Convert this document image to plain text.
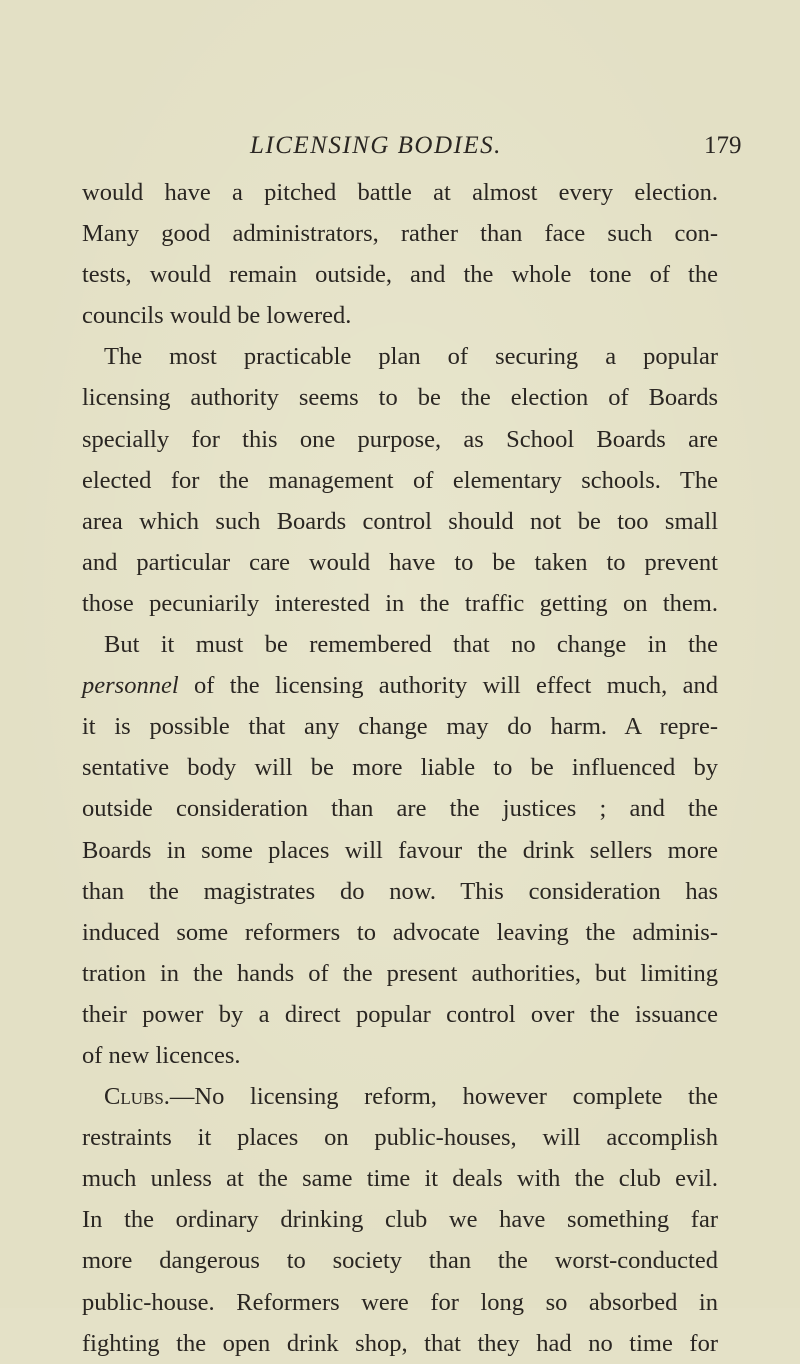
LICENSING BODIES.	179
would have a pitched battle at almost every election.
Many good administrators, rather than face such con-
tests, would remain outside, and the whole tone of the
councils would be lowered.
The most practicable plan of securing a popular
licensing authority seems to be the election of Boards
specially for this one purpose, as School Boards are
elected for the management of elementary schools. The
area which such Boards control should not be too small
and particular care would have to be taken to prevent
those pecuniarily interested in the traffic getting on them.
But it must be remembered that no change in the
personnel of the licensing authority will effect much, and
it is possible that any change may do harm. A repre-
sentative body will be more liable to be influenced by
outside consideration than are the justices ; and the
Boards in some places will favour the drink sellers more
than the magistrates do now. This consideration has
induced some reformers to advocate leaving the adminis-
tration in the hands of the present authorities, but limiting
their power by a direct popular control over the issuance
of new licences.
Clubs.—No licensing reform, however complete the
restraints it places on public-houses, will accomplish
much unless at the same time it deals with the club evil.
In the ordinary drinking club we have something far
more dangerous to society than the worst-conducted
public-house. Reformers were for long so absorbed in
fighting the open drink shop, that they had no time for
